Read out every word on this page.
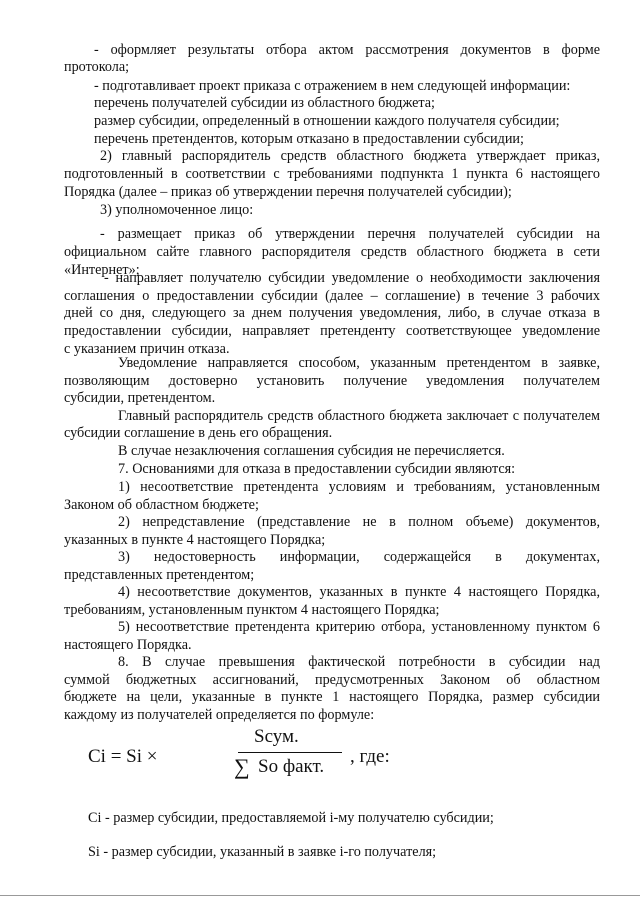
- оформляет результаты отбора актом рассмотрения документов в форме
протокола;
- подготавливает проект приказа с отражением в нем следующей информации:
перечень получателей субсидии из областного бюджета;
размер субсидии, определенный в отношении каждого получателя субсидии;
перечень претендентов, которым отказано в предоставлении субсидии;
2) главный распорядитель средств областного бюджета утверждает приказ,
подготовленный в соответствии с требованиями подпункта 1 пункта 6 настоящего
Порядка (далее – приказ об утверждении перечня получателей субсидии);
3) уполномоченное лицо:
- размещает приказ об утверждении перечня получателей субсидии на
официальном сайте главного распорядителя средств областного бюджета в сети
«Интернет»;
- направляет получателю субсидии уведомление о необходимости заключения
соглашения о предоставлении субсидии (далее – соглашение) в течение 3 рабочих
дней со дня, следующего за днем получения уведомления, либо, в случае отказа в
предоставлении субсидии, направляет претенденту соответствующее уведомление
с указанием причин отказа.
Уведомление направляется способом, указанным претендентом в заявке,
позволяющим достоверно установить получение уведомления получателем
субсидии, претендентом.
Главный распорядитель средств областного бюджета заключает с получателем
субсидии соглашение в день его обращения.
В случае незаключения соглашения субсидия не перечисляется.
7. Основаниями для отказа в предоставлении субсидии являются:
1) несоответствие претендента условиям и требованиям, установленным
Законом об областном бюджете;
2) непредставление (представление не в полном объеме) документов,
указанных в пункте 4 настоящего Порядка;
3) недостоверность информации, содержащейся в документах,
представленных претендентом;
4) несоответствие документов, указанных в пункте 4 настоящего Порядка,
требованиям, установленным пунктом 4 настоящего Порядка;
5) несоответствие претендента критерию отбора, установленному пунктом 6
настоящего Порядка.
8. В случае превышения фактической потребности в субсидии над
суммой бюджетных ассигнований, предусмотренных Законом об областном
бюджете на цели, указанные в пункте 1 настоящего Порядка, размер субсидии
каждому из получателей определяется по формуле:
Ci = Si ×
Sсум.
∑ So факт. , где:
Ci - размер субсидии, предоставляемой i-му получателю субсидии;
Si - размер субсидии, указанный в заявке i-го получателя;
